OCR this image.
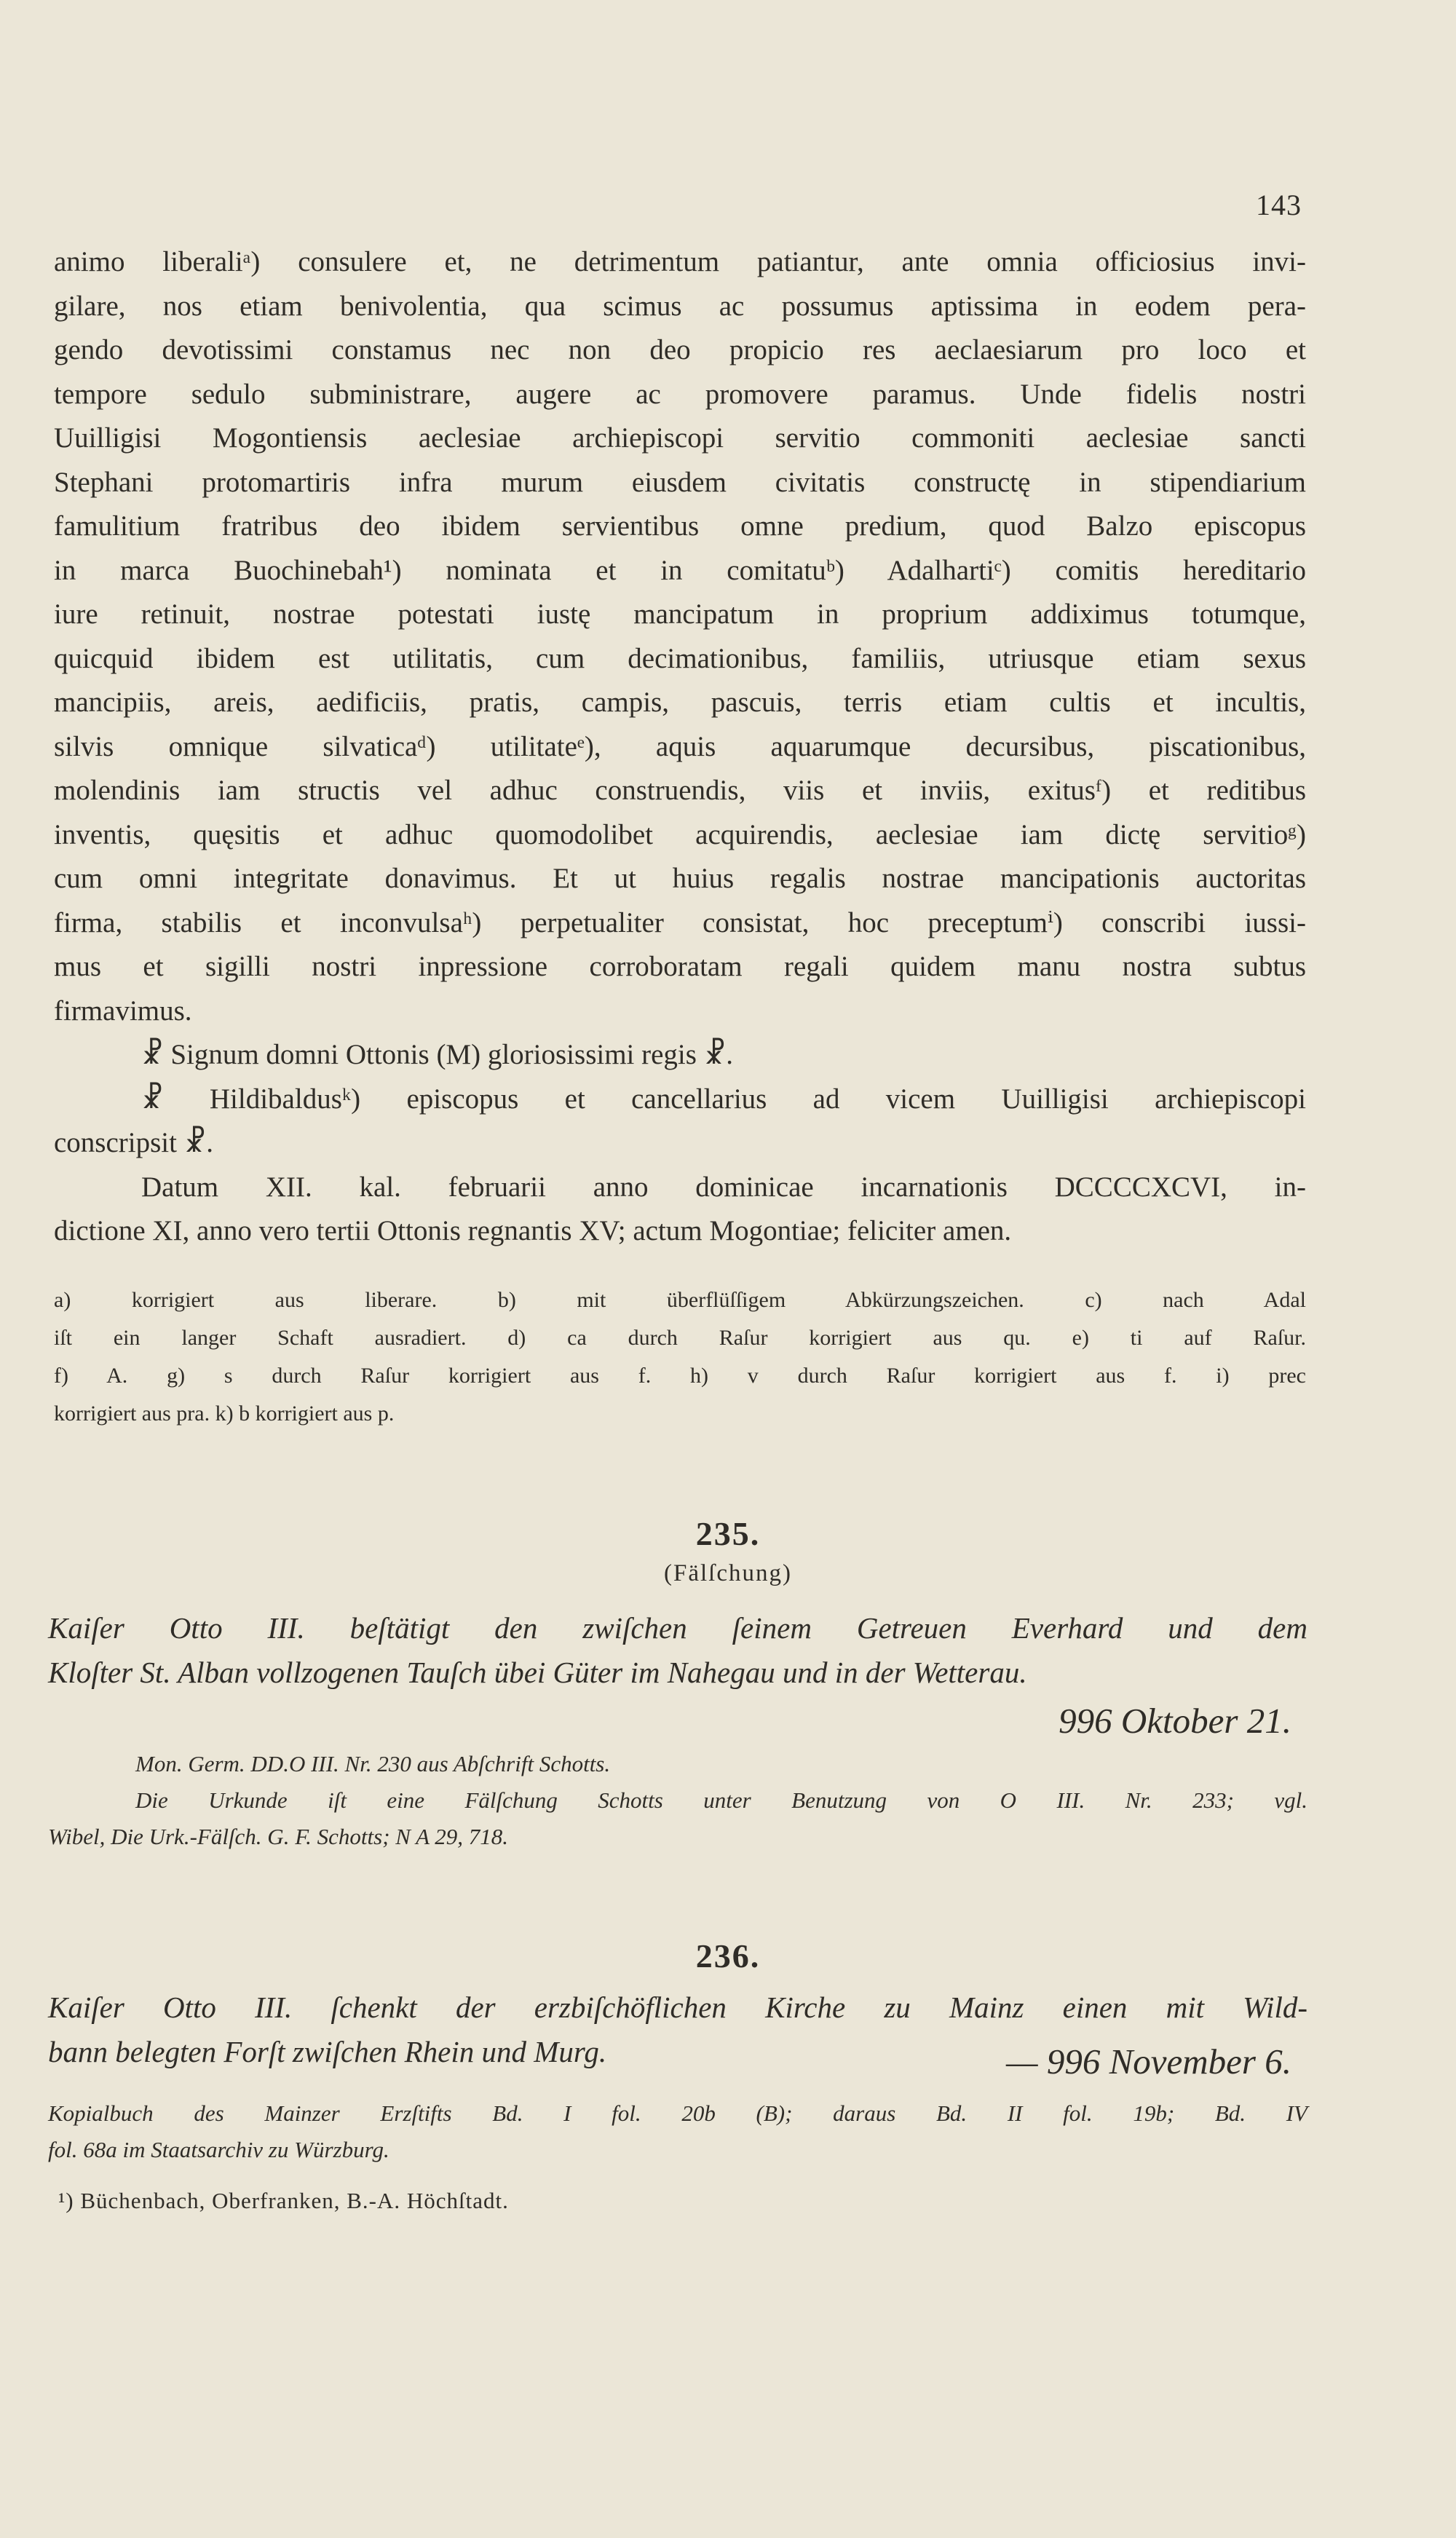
143

animo liberaliᵃ) consulere et, ne detrimentum patiantur, ante omnia officiosius invi-

gilare, nos etiam benivolentia, qua scimus ac possumus aptissima in eodem pera-

gendo devotissimi constamus nec non deo propicio res aeclaesiarum pro loco et

tempore sedulo subministrare, augere ac promovere paramus. Unde fidelis nostri

Uuilligisi Mogontiensis aeclesiae archiepiscopi servitio commoniti aeclesiae sancti

Stephani protomartiris infra murum eiusdem civitatis constructę in stipendiarium

famulitium fratribus deo ibidem servientibus omne predium, quod Balzo episcopus

in marca Buochinebah¹) nominata et in comitatuᵇ) Adalhartiᶜ) comitis hereditario

iure retinuit, nostrae potestati iustę mancipatum in proprium addiximus totumque,

quicquid ibidem est utilitatis, cum decimationibus, familiis, utriusque etiam sexus

mancipiis, areis, aedificiis, pratis, campis, pascuis, terris etiam cultis et incultis,

silvis omnique silvaticaᵈ) utilitateᵉ), aquis aquarumque decursibus, piscationibus,

molendinis iam structis vel adhuc construendis, viis et inviis, exitusᶠ) et reditibus

inventis, quęsitis et adhuc quomodolibet acquirendis, aeclesiae iam dictę servitioᵍ)

cum omni integritate donavimus. Et ut huius regalis nostrae mancipationis auctoritas

firma, stabilis et inconvulsaʰ) perpetualiter consistat, hoc preceptumⁱ) conscribi iussi-

mus et sigilli nostri inpressione corroboratam regali quidem manu nostra subtus

firmavimus.

☧ Signum domni Ottonis (M) gloriosissimi regis ☧.

☧ Hildibaldusᵏ) episcopus et cancellarius ad vicem Uuilligisi archiepiscopi

conscripsit ☧.

Datum XII. kal. februarii anno dominicae incarnationis DCCCCXCVI, in-

dictione XI, anno vero tertii Ottonis regnantis XV; actum Mogontiae; feliciter amen.

a) korrigiert aus liberare. b) mit überflüſſigem Abkürzungszeichen. c) nach Adal

iſt ein langer Schaft ausradiert. d) ca durch Raſur korrigiert aus qu. e) ti auf Raſur.

f) A. g) s durch Raſur korrigiert aus f. h) v durch Raſur korrigiert aus f. i) prec

korrigiert aus pra. k) b korrigiert aus p.

235.
(Fälſchung)

Kaiſer Otto III. beſtätigt den zwiſchen ſeinem Getreuen Everhard und dem

Kloſter St. Alban vollzogenen Tauſch übei Güter im Nahegau und in der Wetterau.

996 Oktober 21.

Mon. Germ. DD.O III. Nr. 230 aus Abſchrift Schotts.

Die Urkunde iſt eine Fälſchung Schotts unter Benutzung von O III. Nr. 233; vgl.

Wibel, Die Urk.-Fälſch. G. F. Schotts; N A 29, 718.

236.

Kaiſer Otto III. ſchenkt der erzbiſchöflichen Kirche zu Mainz einen mit Wild-

bann belegten Forſt zwiſchen Rhein und Murg.	— 996 November 6.

Kopialbuch des Mainzer Erzſtifts Bd. I fol. 20b (B); daraus Bd. II fol. 19b; Bd. IV

fol. 68a im Staatsarchiv zu Würzburg.

¹) Büchenbach, Oberfranken, B.-A. Höchſtadt.
